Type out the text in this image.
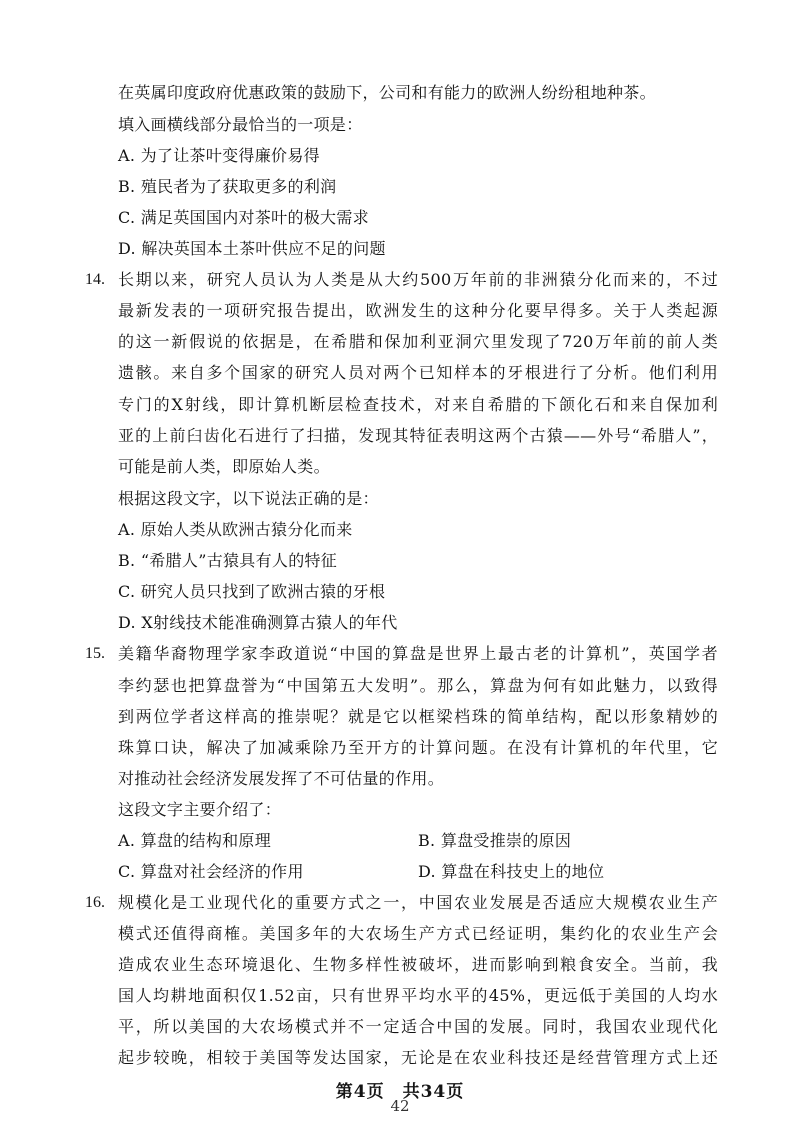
在英属印度政府优惠政策的鼓励下，公司和有能力的欧洲人纷纷租地种茶。
填入画横线部分最恰当的一项是：
A. 为了让茶叶变得廉价易得
B. 殖民者为了获取更多的利润
C. 满足英国国内对茶叶的极大需求
D. 解决英国本土茶叶供应不足的问题
14. 长期以来，研究人员认为人类是从大约500万年前的非洲猿分化而来的，不过
最新发表的一项研究报告提出，欧洲发生的这种分化要早得多。关于人类起源
的这一新假说的依据是，在希腊和保加利亚洞穴里发现了720万年前的前人类
遗骸。来自多个国家的研究人员对两个已知样本的牙根进行了分析。他们利用
专门的X射线，即计算机断层检查技术，对来自希腊的下颌化石和来自保加利
亚的上前臼齿化石进行了扫描，发现其特征表明这两个古猿——外号“希腊人”，
可能是前人类，即原始人类。
根据这段文字，以下说法正确的是：
A. 原始人类从欧洲古猿分化而来
B. “希腊人”古猿具有人的特征
C. 研究人员只找到了欧洲古猿的牙根
D. X射线技术能准确测算古猿人的年代
15. 美籍华裔物理学家李政道说“中国的算盘是世界上最古老的计算机”，英国学者
李约瑟也把算盘誉为“中国第五大发明”。那么，算盘为何有如此魅力，以致得
到两位学者这样高的推崇呢？就是它以框梁档珠的简单结构，配以形象精妙的
珠算口诀，解决了加减乘除乃至开方的计算问题。在没有计算机的年代里，它
对推动社会经济发展发挥了不可估量的作用。
这段文字主要介绍了：
A. 算盘的结构和原理	B. 算盘受推崇的原因
C. 算盘对社会经济的作用	D. 算盘在科技史上的地位
16. 规模化是工业现代化的重要方式之一，中国农业发展是否适应大规模农业生产
模式还值得商榷。美国多年的大农场生产方式已经证明，集约化的农业生产会
造成农业生态环境退化、生物多样性被破坏，进而影响到粮食安全。当前，我
国人均耕地面积仅1.52亩，只有世界平均水平的45%，更远低于美国的人均水
平，所以美国的大农场模式并不一定适合中国的发展。同时，我国农业现代化
起步较晚，相较于美国等发达国家，无论是在农业科技还是经营管理方式上还
第4页　共34页
42
